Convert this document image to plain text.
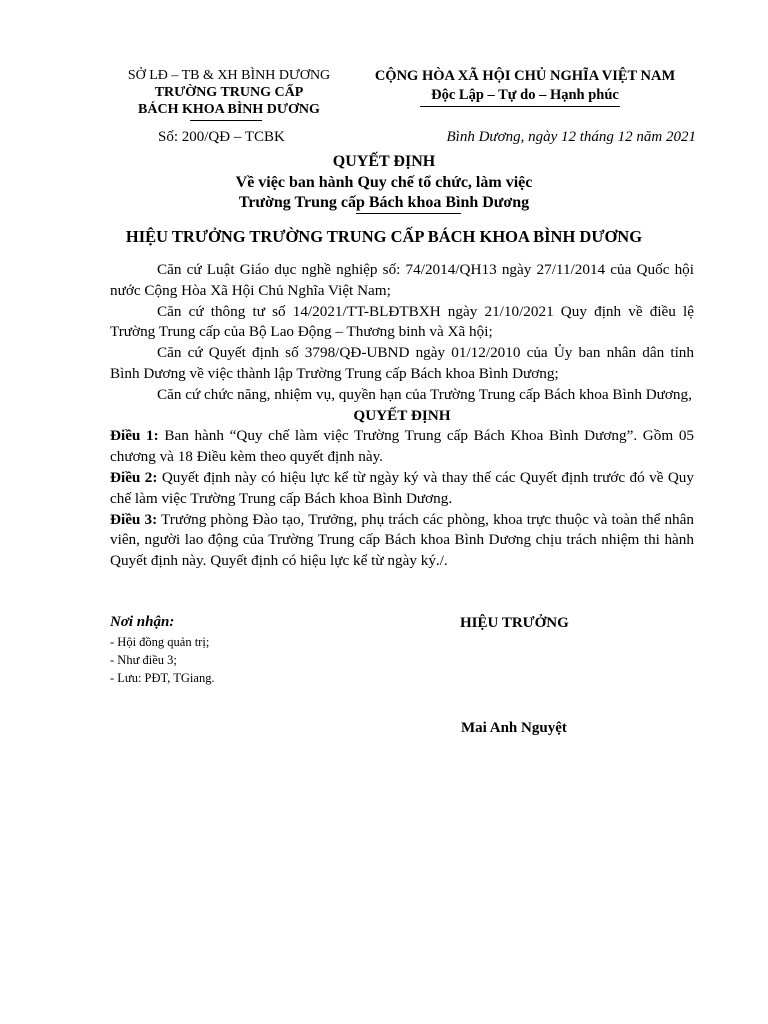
SỞ LĐ – TB & XH BÌNH DƯƠNG
TRƯỜNG TRUNG CẤP
BÁCH KHOA BÌNH DƯƠNG
CỘNG HÒA XÃ HỘI CHỦ NGHĨA VIỆT NAM
Độc Lập – Tự do – Hạnh phúc
Số: 200/QĐ – TCBK	Bình Dương, ngày 12 tháng 12 năm 2021
QUYẾT ĐỊNH
Về việc ban hành Quy chế tổ chức, làm việc
Trường Trung cấp Bách khoa Bình Dương
HIỆU TRƯỞNG TRƯỜNG TRUNG CẤP BÁCH KHOA BÌNH DƯƠNG

Căn cứ Luật Giáo dục nghề nghiệp số: 74/2014/QH13 ngày 27/11/2014 của Quốc hội nước Cộng Hòa Xã Hội Chủ Nghĩa Việt Nam;

Căn cứ thông tư số 14/2021/TT-BLĐTBXH ngày 21/10/2021 Quy định về điều lệ Trường Trung cấp của Bộ Lao Động – Thương binh và Xã hội;

Căn cứ Quyết định số 3798/QĐ-UBND ngày 01/12/2010 của Ủy ban nhân dân tỉnh Bình Dương về việc thành lập Trường Trung cấp Bách khoa Bình Dương;

Căn cứ chức năng, nhiệm vụ, quyền hạn của Trường Trung cấp Bách khoa Bình Dương,

QUYẾT ĐỊNH

Điều 1: Ban hành “Quy chế làm việc Trường Trung cấp Bách Khoa Bình Dương”. Gồm 05 chương và 18 Điều kèm theo quyết định này.

Điều 2: Quyết định này có hiệu lực kể từ ngày ký và thay thế các Quyết định trước đó về Quy chế làm việc Trường Trung cấp Bách khoa Bình Dương.

Điều 3: Trưởng phòng Đào tạo, Trưởng, phụ trách các phòng, khoa trực thuộc và toàn thể nhân viên, người lao động của Trường Trung cấp Bách khoa Bình Dương chịu trách nhiệm thi hành Quyết định này. Quyết định có hiệu lực kể từ ngày ký./.

Nơi nhận:
- Hội đồng quản trị;
- Như điều 3;
- Lưu: PĐT, TGiang.
HIỆU TRƯỞNG
Mai Anh Nguyệt
